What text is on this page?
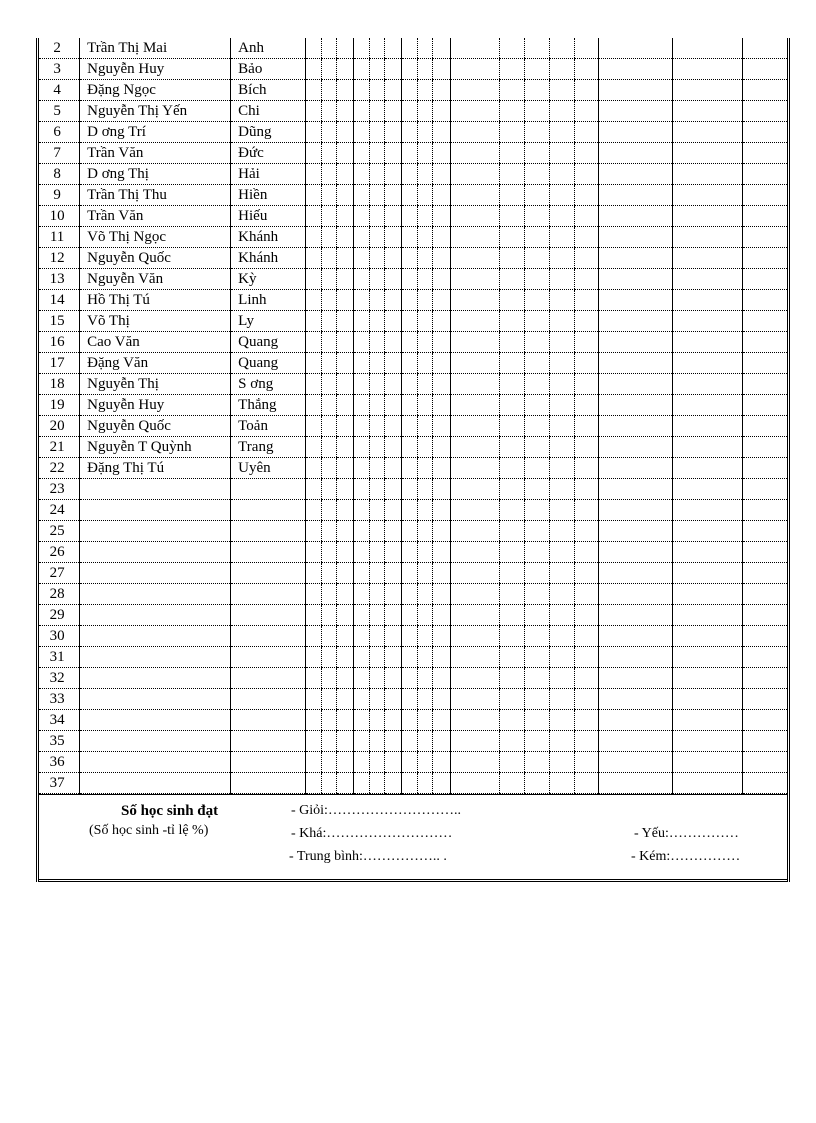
2	Trần Thị Mai	Anh																	
3	Nguyễn Huy	Bảo																	
4	Đặng Ngọc	Bích																	
5	Nguyễn Thị Yến	Chi																	
6	D ơng Trí	Dũng																	
7	Trần Văn	Đức																	
8	D ơng Thị	Hải																	
9	Trần Thị Thu	Hiền																	
10	Trần Văn	Hiếu																	
11	Võ Thị Ngọc	Khánh																	
12	Nguyễn Quốc	Khánh																	
13	Nguyễn Văn	Kỳ																	
14	Hồ Thị Tú	Linh																	
15	Võ Thị	Ly																	
16	Cao Văn	Quang																	
17	Đặng Văn	Quang																	
18	Nguyễn Thị	S ơng																	
19	Nguyễn Huy	Thắng																	
20	Nguyễn Quốc	Toản																	
21	Nguyễn T Quỳnh	Trang																	
22	Đặng Thị Tú	Uyên																	
23																			
24																			
25																			
26																			
27																			
28																			
29																			
30																			
31																			
32																			
33																			
34																			
35																			
36																			
37																			
Số học sinh đạt
(Số học sinh -tỉ lệ %)
- Giỏi:………………………..
- Khá:………………………
- Trung bình:…………….. .
- Yếu:……………
- Kém:……………
